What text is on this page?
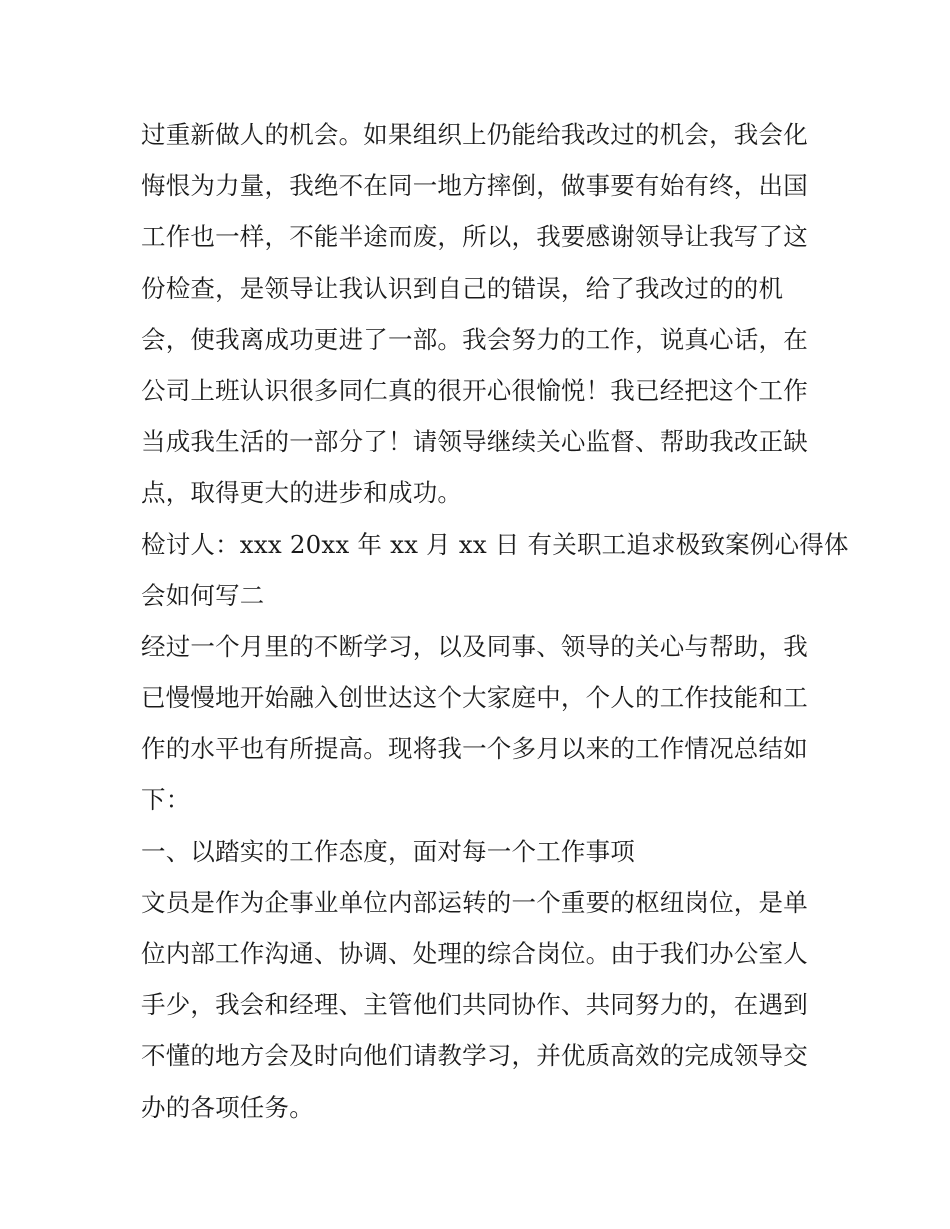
过重新做人的机会。如果组织上仍能给我改过的机会，我会化
悔恨为力量，我绝不在同一地方摔倒，做事要有始有终，出国
工作也一样，不能半途而废，所以，我要感谢领导让我写了这
份检查，是领导让我认识到自己的错误，给了我改过的的机
会，使我离成功更进了一部。我会努力的工作，说真心话，在
公司上班认识很多同仁真的很开心很愉悦！我已经把这个工作
当成我生活的一部分了！请领导继续关心监督、帮助我改正缺
点，取得更大的进步和成功。
检讨人：xxx 20xx 年 xx 月 xx 日 有关职工追求极致案例心得体
会如何写二
经过一个月里的不断学习，以及同事、领导的关心与帮助，我
已慢慢地开始融入创世达这个大家庭中，个人的工作技能和工
作的水平也有所提高。现将我一个多月以来的工作情况总结如
下：
一、以踏实的工作态度，面对每一个工作事项
文员是作为企事业单位内部运转的一个重要的枢纽岗位，是单
位内部工作沟通、协调、处理的综合岗位。由于我们办公室人
手少，我会和经理、主管他们共同协作、共同努力的，在遇到
不懂的地方会及时向他们请教学习，并优质高效的完成领导交
办的各项任务。
